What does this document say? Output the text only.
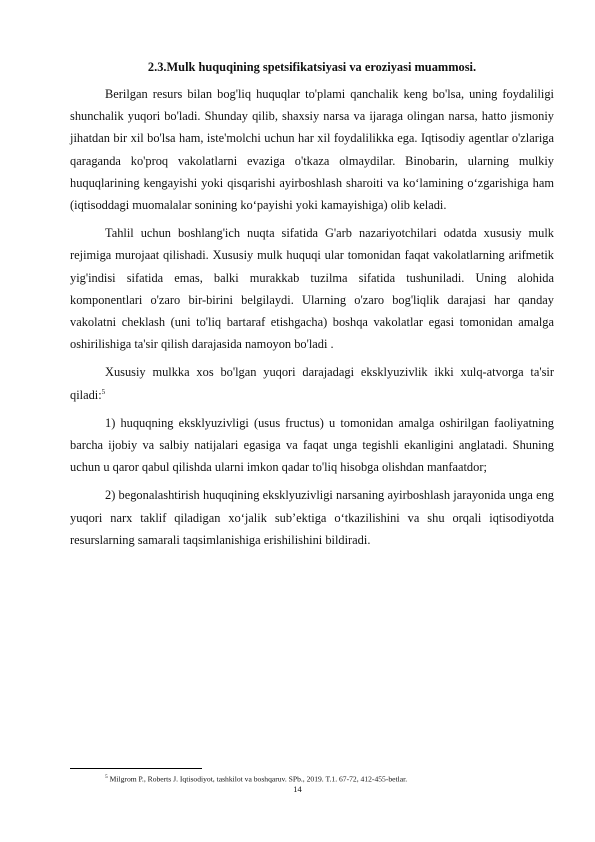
2.3.Mulk huquqining spetsifikatsiyasi va eroziyasi muammosi.

Berilgan resurs bilan bog'liq huquqlar to'plami qanchalik keng bo'lsa, uning foydaliligi shunchalik yuqori bo'ladi. Shunday qilib, shaxsiy narsa va ijaraga olingan narsa, hatto jismoniy jihatdan bir xil bo'lsa ham, iste'molchi uchun har xil foydalilikka ega. Iqtisodiy agentlar o'zlariga qaraganda ko'proq vakolatlarni evaziga o'tkaza olmaydilar. Binobarin, ularning mulkiy huquqlarining kengayishi yoki qisqarishi ayirboshlash sharoiti va ko‘lamining o‘zgarishiga ham (iqtisoddagi muomalalar sonining ko‘payishi yoki kamayishiga) olib keladi.

Tahlil uchun boshlang'ich nuqta sifatida G'arb nazariyotchilari odatda xususiy mulk rejimiga murojaat qilishadi. Xususiy mulk huquqi ular tomonidan faqat vakolatlarning arifmetik yig'indisi sifatida emas, balki murakkab tuzilma sifatida tushuniladi. Uning alohida komponentlari o'zaro bir-birini belgilaydi. Ularning o'zaro bog'liqlik darajasi har qanday vakolatni cheklash (uni to'liq bartaraf etishgacha) boshqa vakolatlar egasi tomonidan amalga oshirilishiga ta'sir qilish darajasida namoyon bo'ladi .

Xususiy mulkka xos bo'lgan yuqori darajadagi eksklyuzivlik ikki xulq-atvorga ta'sir qiladi:$^5$

1) huquqning eksklyuzivligi (usus fructus) u tomonidan amalga oshirilgan faoliyatning barcha ijobiy va salbiy natijalari egasiga va faqat unga tegishli ekanligini anglatadi. Shuning uchun u qaror qabul qilishda ularni imkon qadar to'liq hisobga olishdan manfaatdor;

2) begonalashtirish huquqining eksklyuzivligi narsaning ayirboshlash jarayonida unga eng yuqori narx taklif qiladigan xo‘jalik sub’ektiga o‘tkazilishini va shu orqali iqtisodiyotda resurslarning samarali taqsimlanishiga erishilishini bildiradi.

$^5$ Milgrom P., Roberts J. Iqtisodiyot, tashkilot va boshqaruv. SPb., 2019. T.1. 67-72, 412-455-betlar.
14
